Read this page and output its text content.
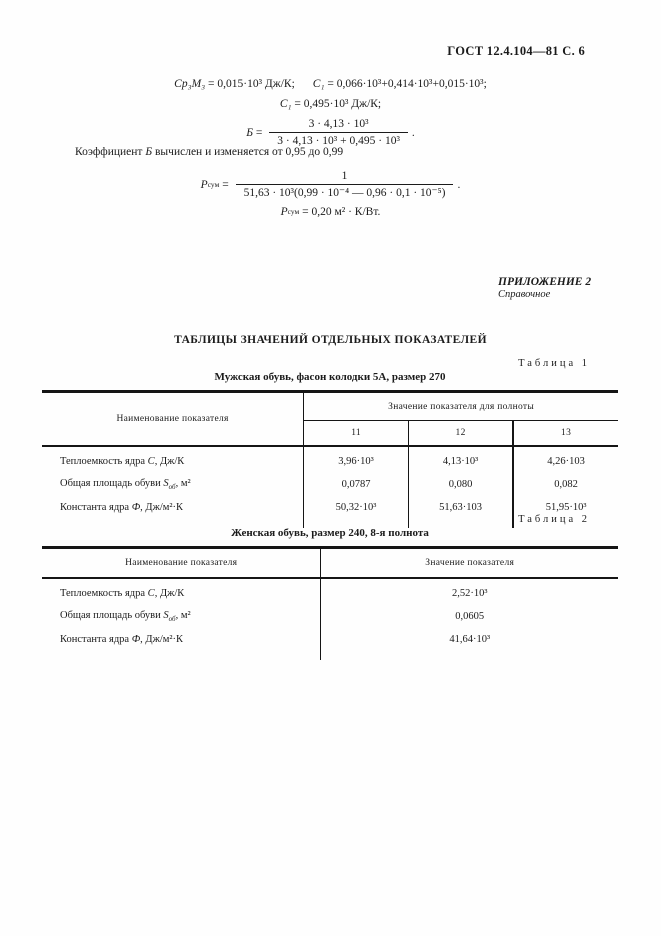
ГОСТ 12.4.104—81 С. 6
Cp₃M₃ = 0,015·10³ Дж/К; C₁ = 0,066·10³+0,414·10³+0,015·10³;
C₁ = 0,495·10³ Дж/К;
$Б = \frac{\text{3 · 4,13 · 10³}}{\text{3 · 4,13 · 10³ + 0,495 · 10³}}$ .
Коэффициент Б вычислен и изменяется от 0,95 до 0,99
P сум = $\frac{1}{\text{51,63 · 10³(0,99 · 10⁻⁴ — 0,96 · 0,1 · 10⁻⁵)}}$ .
P сум = 0,20 м² · К/Вт.
ПРИЛОЖЕНИЕ 2
Справочное
ТАБЛИЦЫ ЗНАЧЕНИЙ ОТДЕЛЬНЫХ ПОКАЗАТЕЛЕЙ
Таблица 1
Мужская обувь, фасон колодки 5А, размер 270
Наименование показателя	Значение показателя для полноты		
	11	12	13
Теплоемкость ядра C, Дж/К	3,96·10³	4,13·10³	4,26·103
Общая площадь обуви $S_{об}$, м²	0,0787	0,080	0,082
Константа ядра Ф, Дж/м²·К	50,32·10³	51,63·103	51,95·10³
Таблица 2
Женская обувь, размер 240, 8-я полнота
Наименование показателя	Значение показателя
Теплоемкость ядра C, Дж/К	2,52·10³
Общая площадь обуви $S_{об}$, м²	0,0605
Константа ядра Ф, Дж/м²·К	41,64·10³
